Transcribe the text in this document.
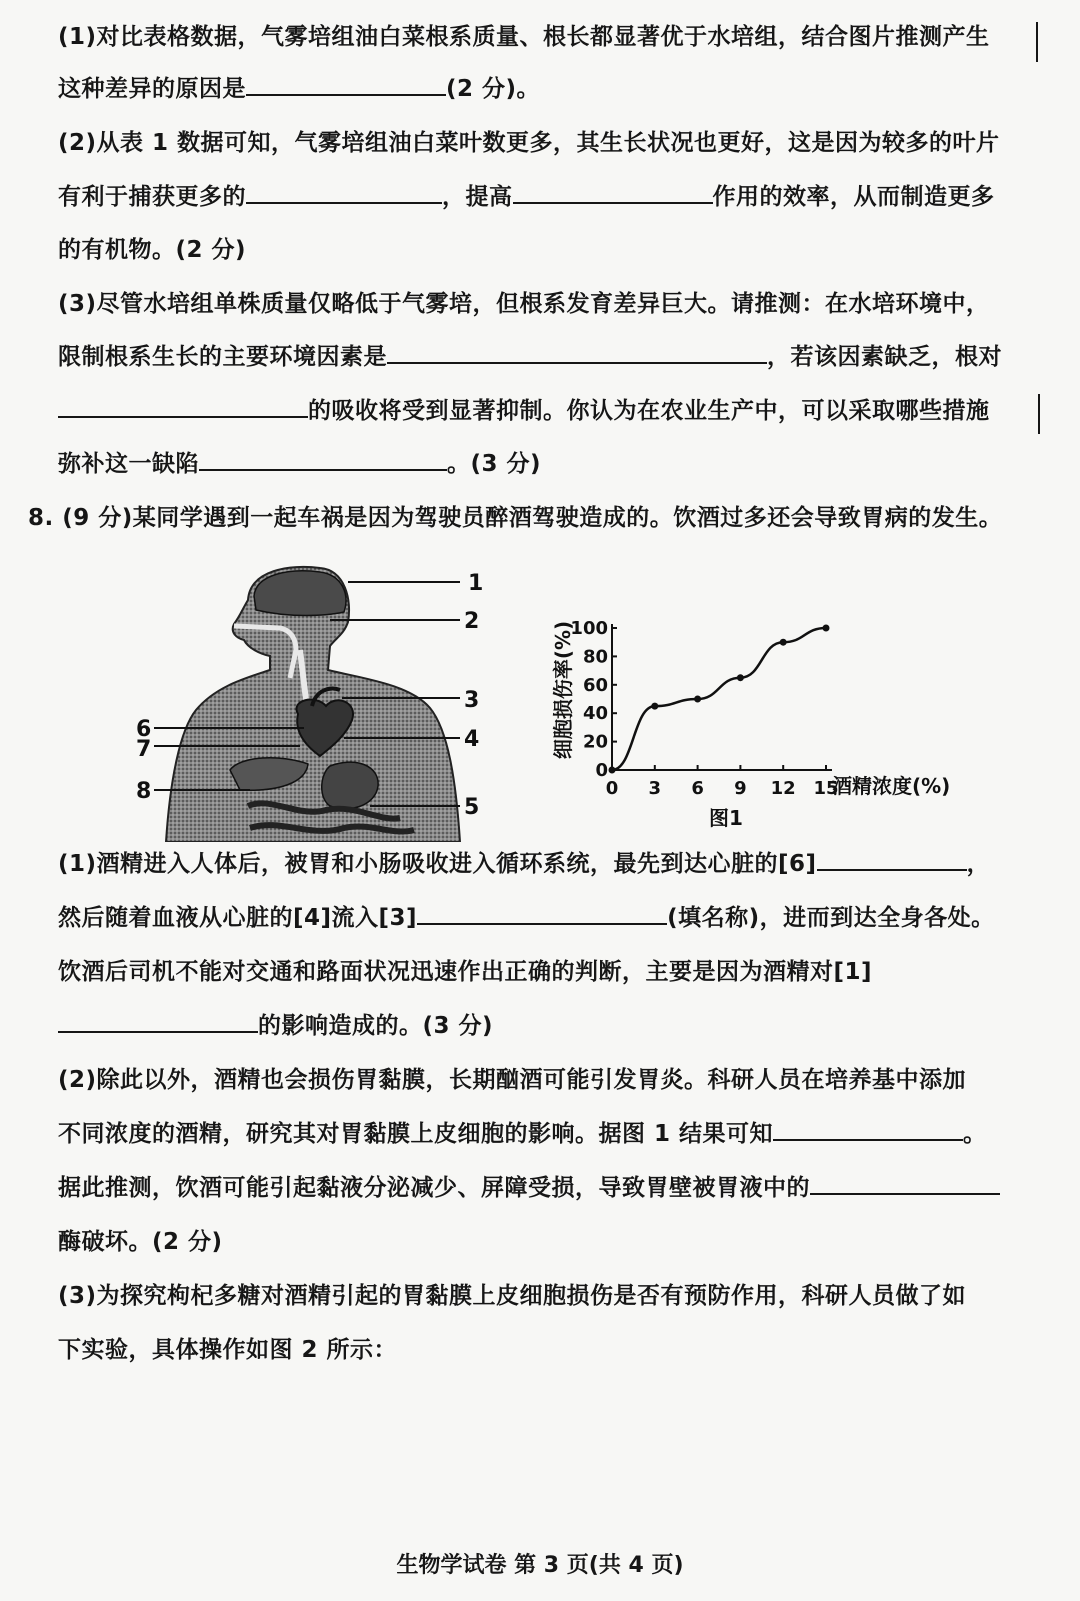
(1)对比表格数据，气雾培组油白菜根系质量、根长都显著优于水培组，结合图片推测产生
这种差异的原因是	(2 分)。
(2)从表 1 数据可知，气雾培组油白菜叶数更多，其生长状况也更好，这是因为较多的叶片
有利于捕获更多的	，提高	作用的效率，从而制造更多
的有机物。(2 分)
(3)尽管水培组单株质量仅略低于气雾培，但根系发育差异巨大。请推测：在水培环境中，
限制根系生长的主要环境因素是	，若该因素缺乏，根对
的吸收将受到显著抑制。你认为在农业生产中，可以采取哪些措施
弥补这一缺陷	。(3 分)
8. (9 分)某同学遇到一起车祸是因为驾驶员醉酒驾驶造成的。饮酒过多还会导致胃病的发生。
1
2
3
4
5
6
7
8	0 3 6 9 12 15
0
20
40
60
80
100
细胞损伤率(%)
酒精浓度(%)
图1
(1)酒精进入人体后，被胃和小肠吸收进入循环系统，最先到达心脏的[6]	，
然后随着血液从心脏的[4]流入[3]	(填名称)，进而到达全身各处。
饮酒后司机不能对交通和路面状况迅速作出正确的判断，主要是因为酒精对[1]
的影响造成的。(3 分)
(2)除此以外，酒精也会损伤胃黏膜，长期酗酒可能引发胃炎。科研人员在培养基中添加
不同浓度的酒精，研究其对胃黏膜上皮细胞的影响。据图 1 结果可知	。
据此推测，饮酒可能引起黏液分泌减少、屏障受损，导致胃壁被胃液中的
酶破坏。(2 分)
(3)为探究枸杞多糖对酒精引起的胃黏膜上皮细胞损伤是否有预防作用，科研人员做了如
下实验，具体操作如图 2 所示：
生物学试卷 第 3 页(共 4 页)
